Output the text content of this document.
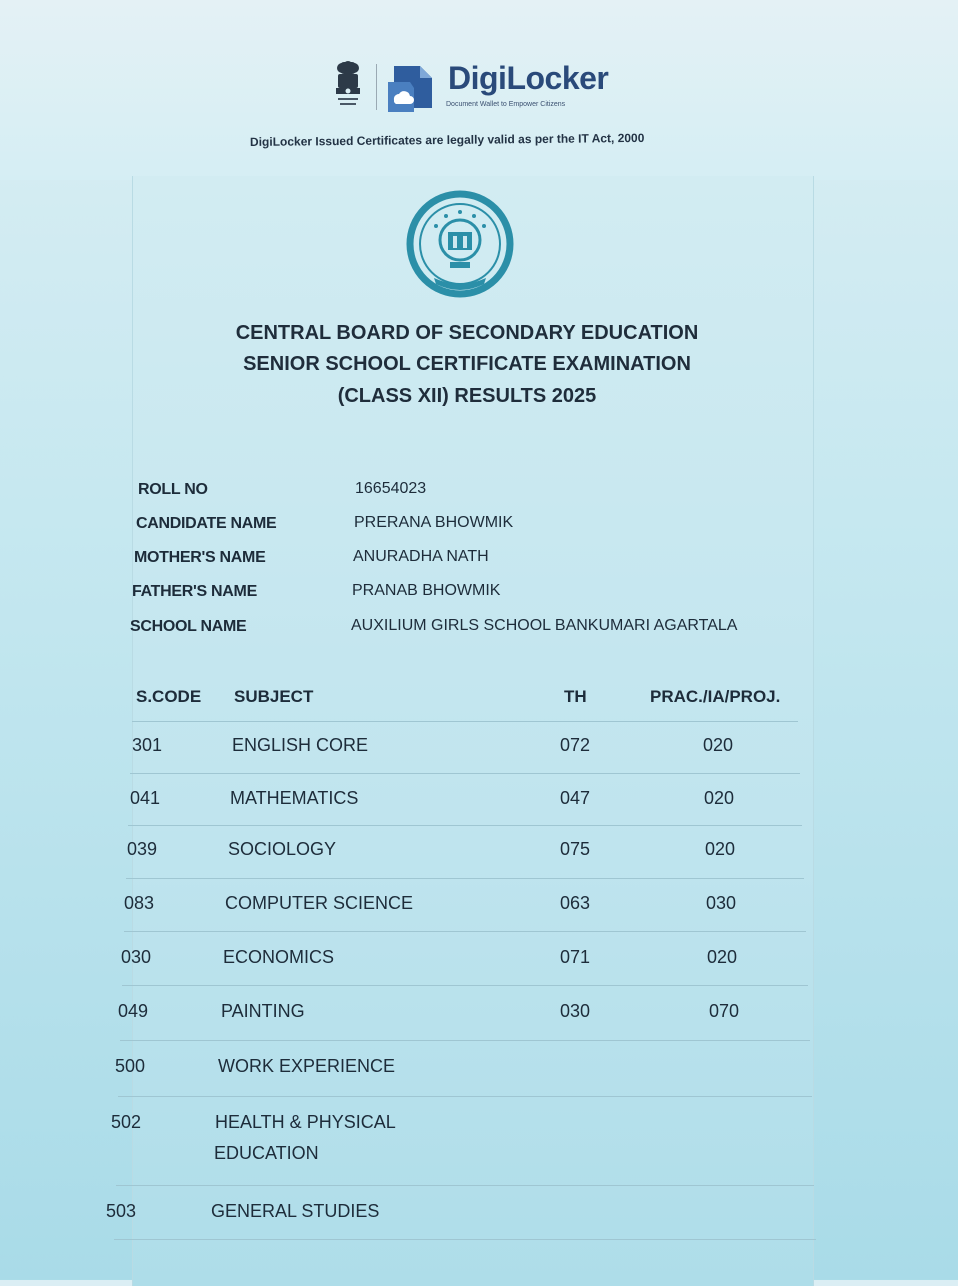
DigiLocker
Document Wallet to Empower Citizens
DigiLocker Issued Certificates are legally valid as per the IT Act, 2000
CENTRAL BOARD OF SECONDARY EDUCATION
SENIOR SCHOOL CERTIFICATE EXAMINATION
(CLASS XII) RESULTS 2025
ROLL NO	16654023
CANDIDATE NAME	PRERANA BHOWMIK
MOTHER'S NAME	ANURADHA NATH
FATHER'S NAME	PRANAB BHOWMIK
SCHOOL NAME	AUXILIUM GIRLS SCHOOL BANKUMARI AGARTALA
S.CODE SUBJECT	TH	PRAC./IA/PROJ.
301	ENGLISH CORE	072	020
041	MATHEMATICS	047	020
039	SOCIOLOGY	075	020
083	COMPUTER SCIENCE	063	030
030	ECONOMICS	071	020
049	PAINTING	030	070
500	WORK EXPERIENCE
502	HEALTH & PHYSICAL
EDUCATION
503	GENERAL STUDIES
